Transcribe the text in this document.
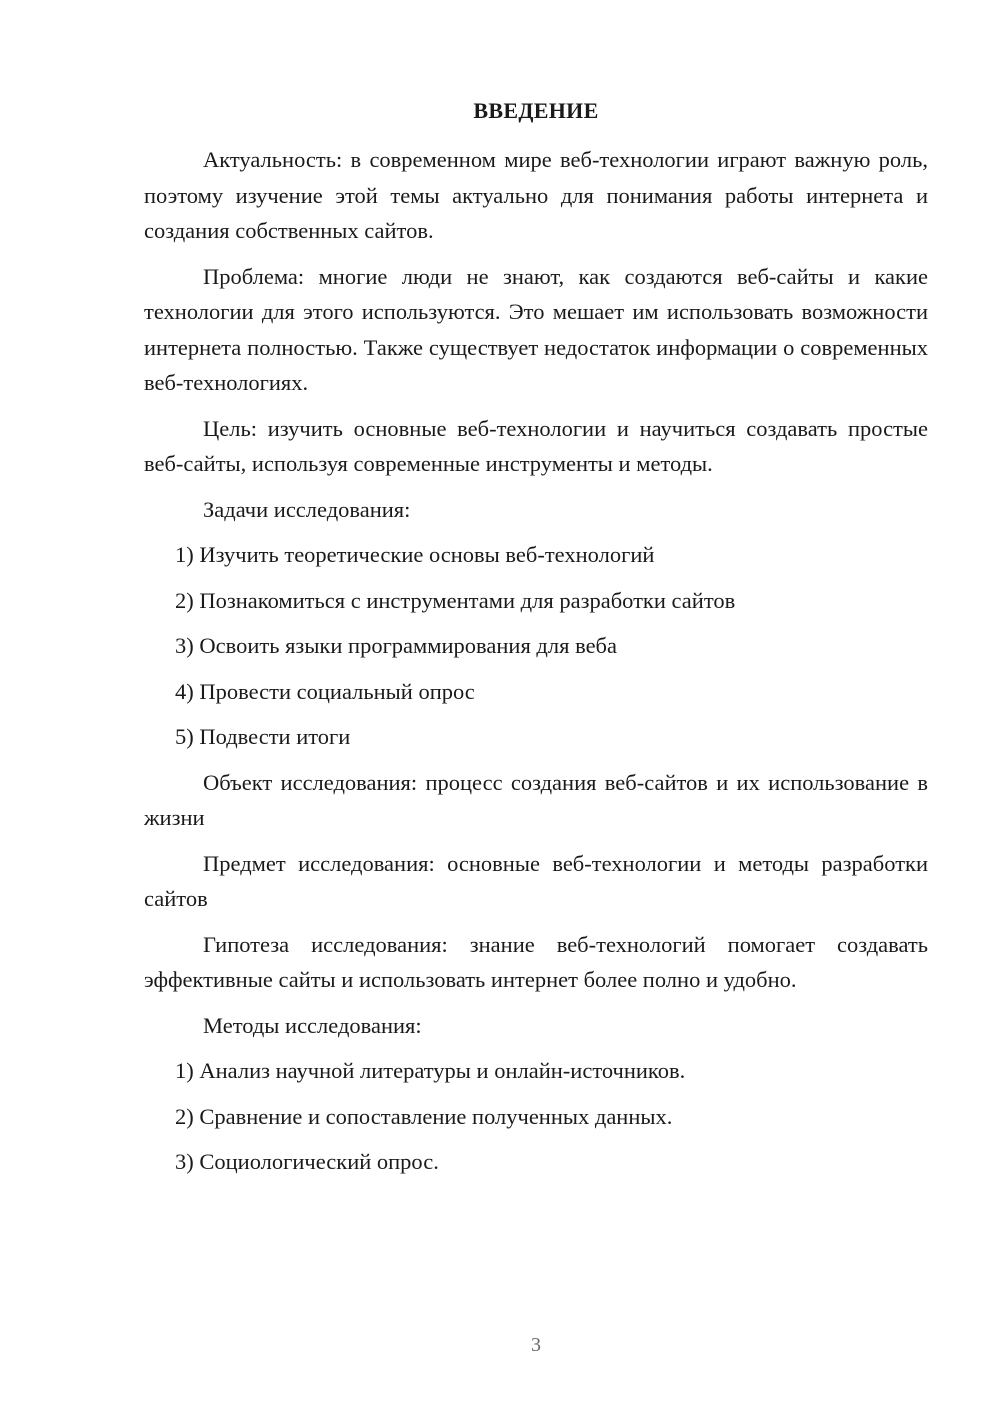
ВВЕДЕНИЕ

Актуальность: в современном мире веб-технологии играют важную роль, поэтому изучение этой темы актуально для понимания работы интернета и создания собственных сайтов.

Проблема: многие люди не знают, как создаются веб-сайты и какие технологии для этого используются. Это мешает им использовать возможности интернета полностью. Также существует недостаток информации о современных веб-технологиях.

Цель: изучить основные веб-технологии и научиться создавать простые веб-сайты, используя современные инструменты и методы.

Задачи исследования:

1) Изучить теоретические основы веб-технологий

2) Познакомиться с инструментами для разработки сайтов

3) Освоить языки программирования для веба

4) Провести социальный опрос

5) Подвести итоги

Объект исследования: процесс создания веб-сайтов и их использование в жизни

Предмет исследования: основные веб-технологии и методы разработки сайтов

Гипотеза исследования: знание веб-технологий помогает создавать эффективные сайты и использовать интернет более полно и удобно.

Методы исследования:

1) Анализ научной литературы и онлайн-источников.

2) Сравнение и сопоставление полученных данных.

3) Социологический опрос.

3
